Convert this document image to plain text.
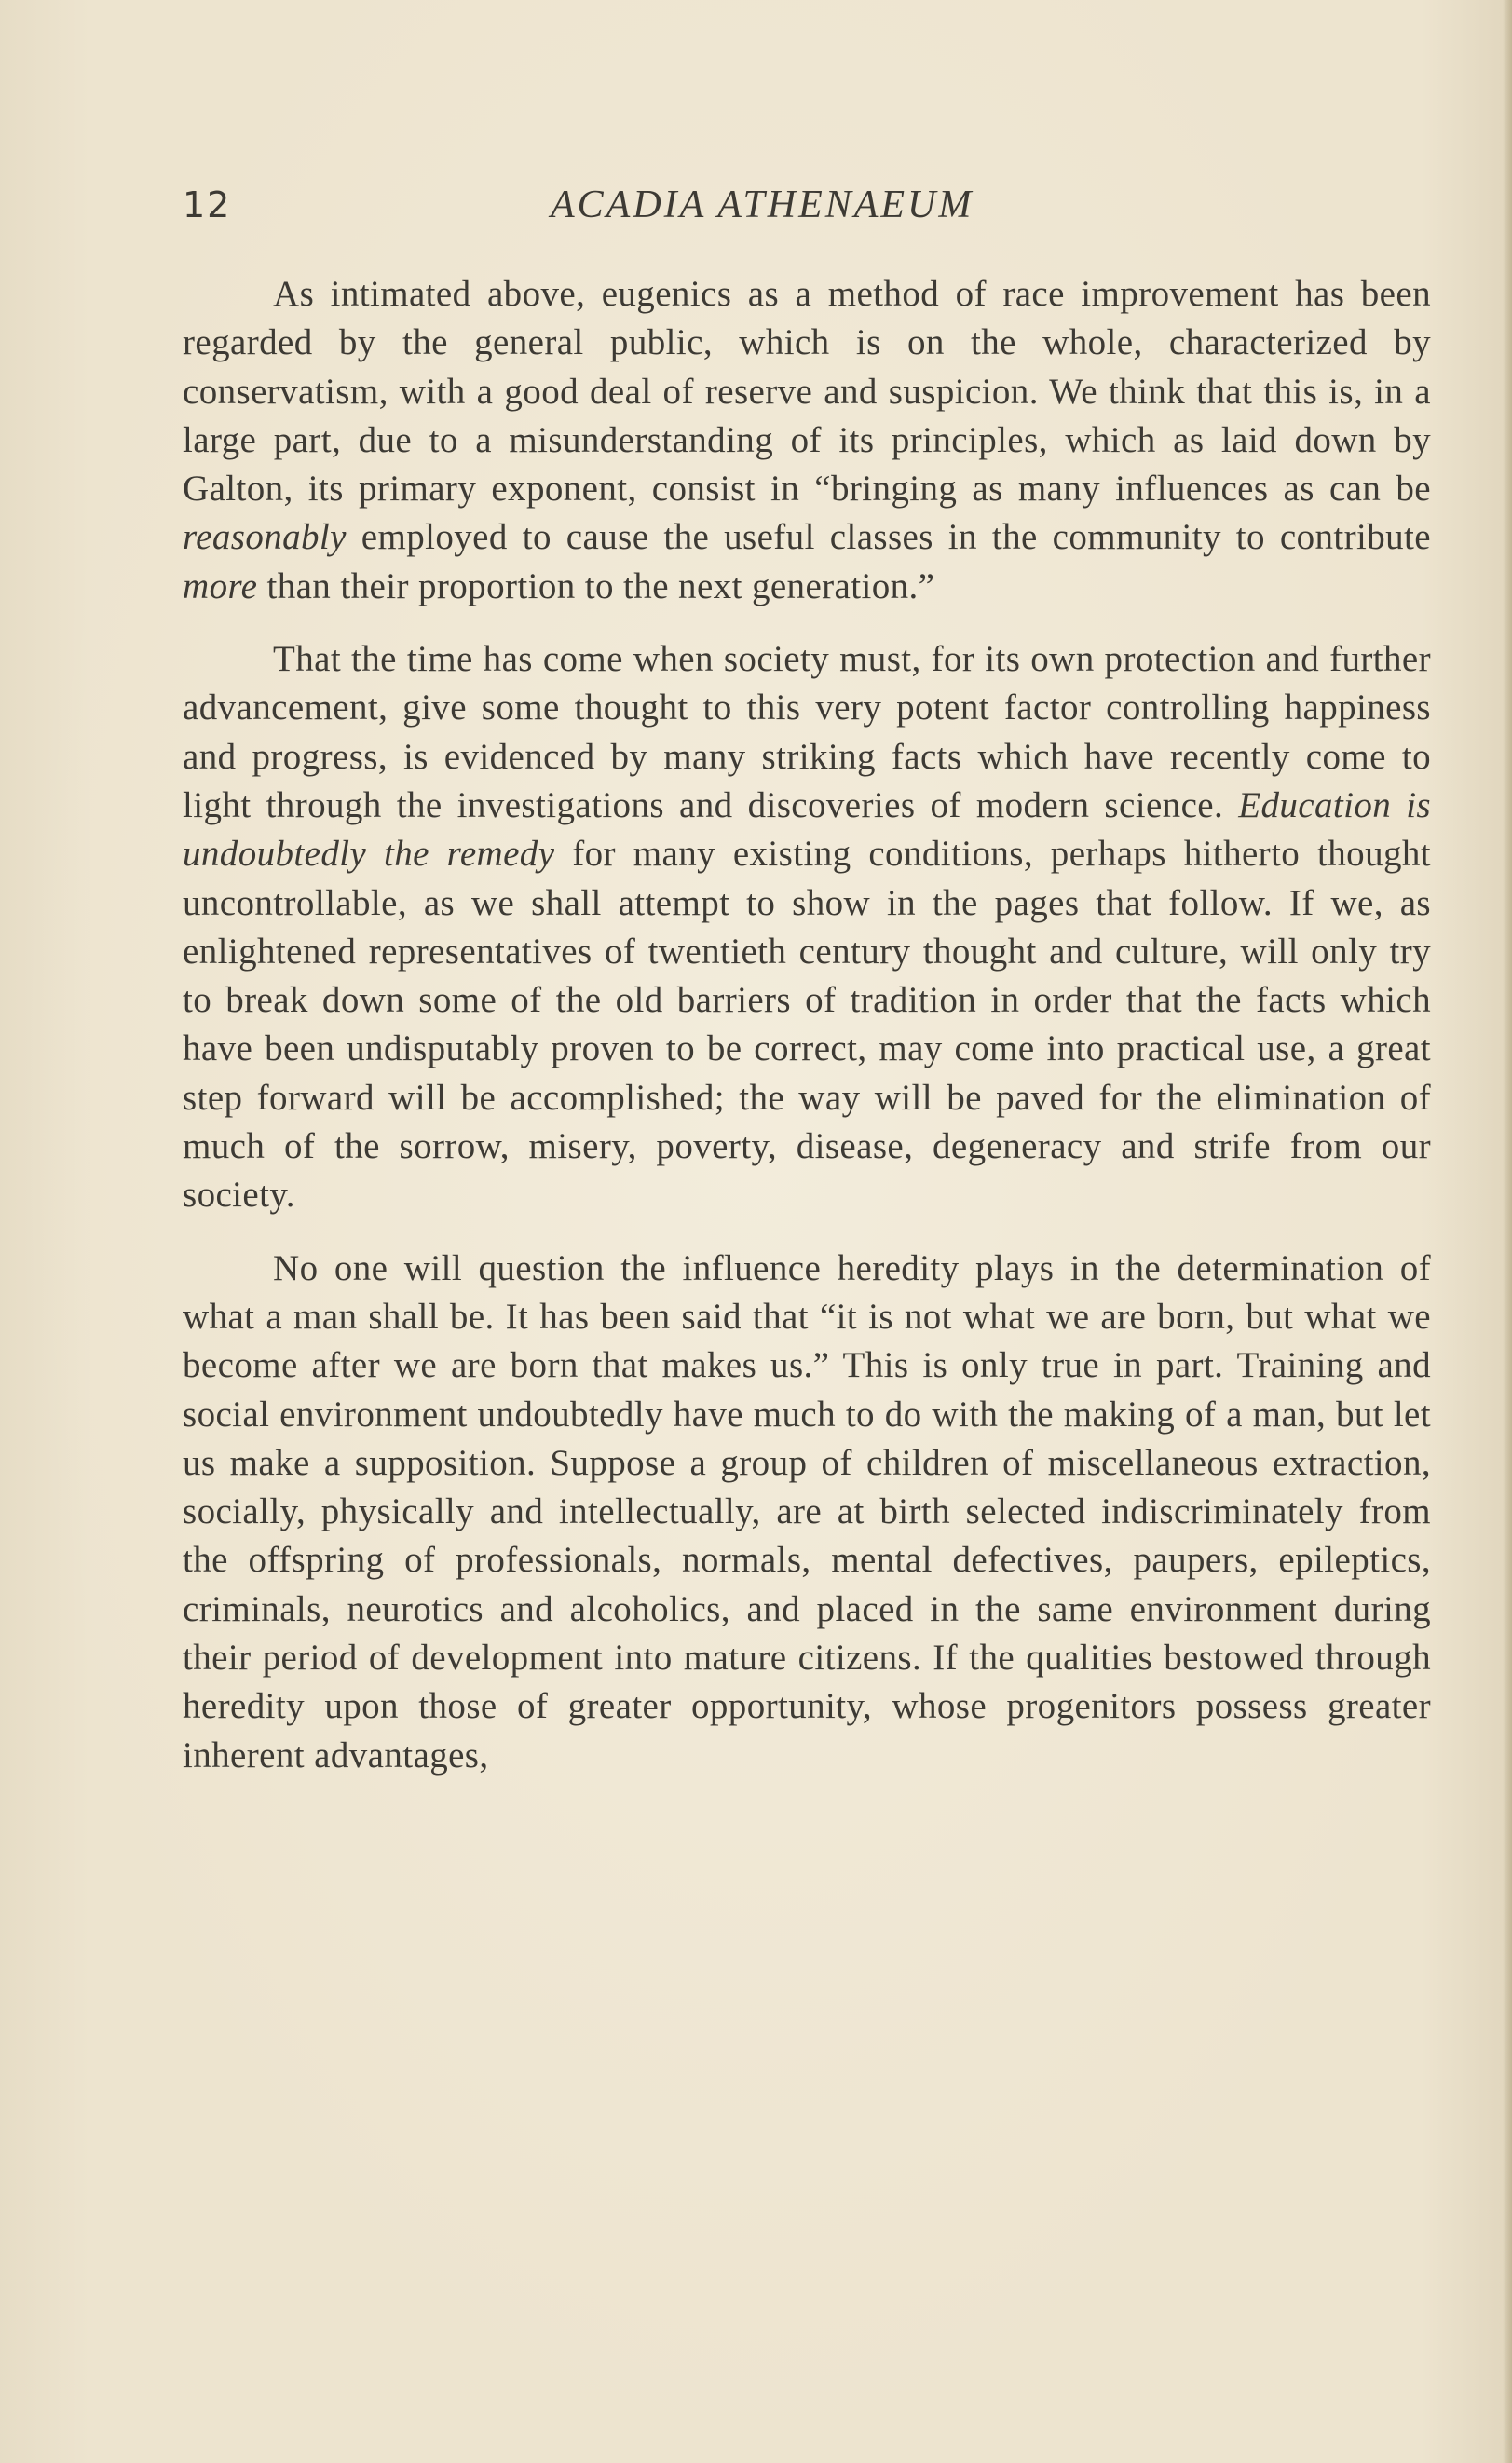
12	ACADIA ATHENAEUM

As intimated above, eugenics as a method of race improvement has been regarded by the general public, which is on the whole, characterized by conservatism, with a good deal of reserve and suspicion. We think that this is, in a large part, due to a misunderstanding of its principles, which as laid down by Galton, its primary exponent, consist in “bringing as many influences as can be reasonably employed to cause the useful classes in the community to contribute more than their proportion to the next generation.”

That the time has come when society must, for its own protection and further advancement, give some thought to this very potent factor controlling happiness and progress, is evidenced by many striking facts which have recently come to light through the investigations and discoveries of modern science. Education is undoubtedly the remedy for many existing conditions, perhaps hitherto thought uncontrollable, as we shall attempt to show in the pages that follow. If we, as enlightened representatives of twentieth century thought and culture, will only try to break down some of the old barriers of tradition in order that the facts which have been undisputably proven to be correct, may come into practical use, a great step forward will be accomplished; the way will be paved for the elimination of much of the sorrow, misery, poverty, disease, degeneracy and strife from our society.

No one will question the influence heredity plays in the determination of what a man shall be. It has been said that “it is not what we are born, but what we become after we are born that makes us.” This is only true in part. Training and social environment undoubtedly have much to do with the making of a man, but let us make a supposition. Suppose a group of children of miscellaneous extraction, socially, physically and intellectually, are at birth selected indiscriminately from the offspring of professionals, normals, mental defectives, paupers, epileptics, criminals, neurotics and alcoholics, and placed in the same environment during their period of development into mature citizens. If the qualities bestowed through heredity upon those of greater opportunity, whose progenitors possess greater inherent advantages,
